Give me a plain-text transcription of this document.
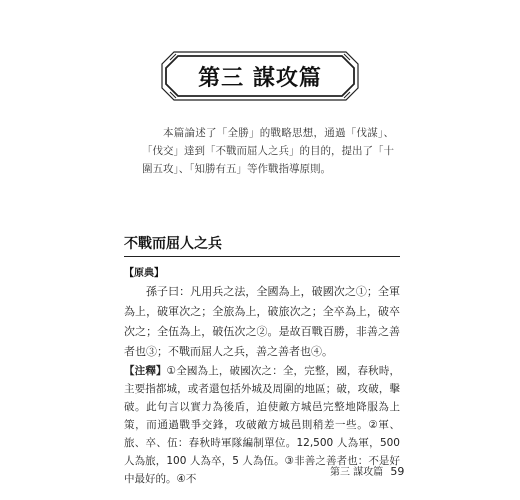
第三 謀攻篇

本篇論述了「全勝」的戰略思想，通過「伐謀」、「伐交」達到「不戰而屈人之兵」的目的，提出了「十圍五攻」、「知勝有五」等作戰指導原則。

不戰而屈人之兵
【原典】

孫子曰：凡用兵之法，全國為上，破國次之①；全軍為上，破軍次之；全旅為上，破旅次之；全卒為上，破卒次之；全伍為上，破伍次之②。是故百戰百勝，非善之善者也③；不戰而屈人之兵，善之善者也④。

【注釋】①全國為上，破國次之：全，完整，國，春秋時，主要指都城，或者還包括外城及周圍的地區；破，攻破，擊破。此句言以實力為後盾，迫使敵方城邑完整地降服為上策，而通過戰爭交鋒，攻破敵方城邑則稍差一些。②軍、旅、卒、伍：春秋時軍隊編制單位。12,500 人為軍，500 人為旅，100 人為卒，5 人為伍。③非善之善者也：不是好中最好的。④不

第三 謀攻篇 59
